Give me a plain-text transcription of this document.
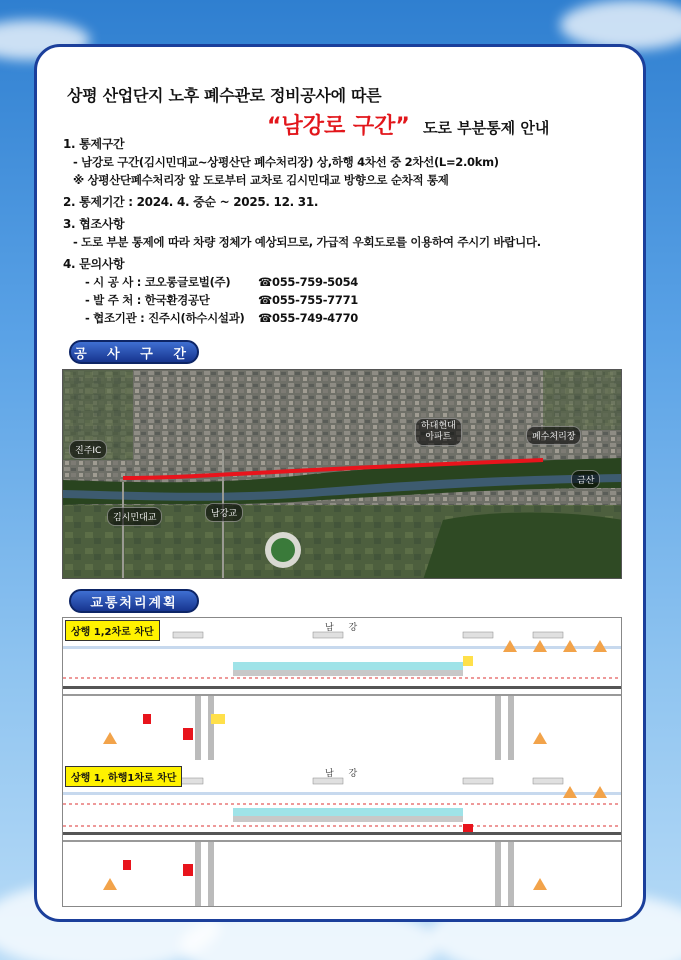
상평 산업단지 노후 폐수관로 정비공사에 따른
“남강로 구간” 도로 부분통제 안내
1. 통제구간
- 남강로 구간(김시민대교~상평산단 폐수처리장) 상,하행 4차선 중 2차선(L=2.0km)
※ 상평산단폐수처리장 앞 도로부터 교차로 김시민대교 방향으로 순차적 통제
2. 통제기간 : 2024. 4. 중순 ~ 2025. 12. 31.
3. 협조사항
- 도로 부분 통제에 따라 차량 정체가 예상되므로, 가급적 우회도로를 이용하여 주시기 바랍니다.
4. 문의사항
- 시 공 사 : 코오롱글로벌(주)	☎055-759-5054
- 발 주 처 : 한국환경공단	☎055-755-7771
- 협조기관 : 진주시(하수시설과)	☎055-749-4770
공 사 구 간
진주IC
김시민대교	남강교
하대현대
아파트	폐수처리장
금산
교통처리계획
상행 1,2차로 차단	남 강
상행 1, 하행1차로 차단	남 강
